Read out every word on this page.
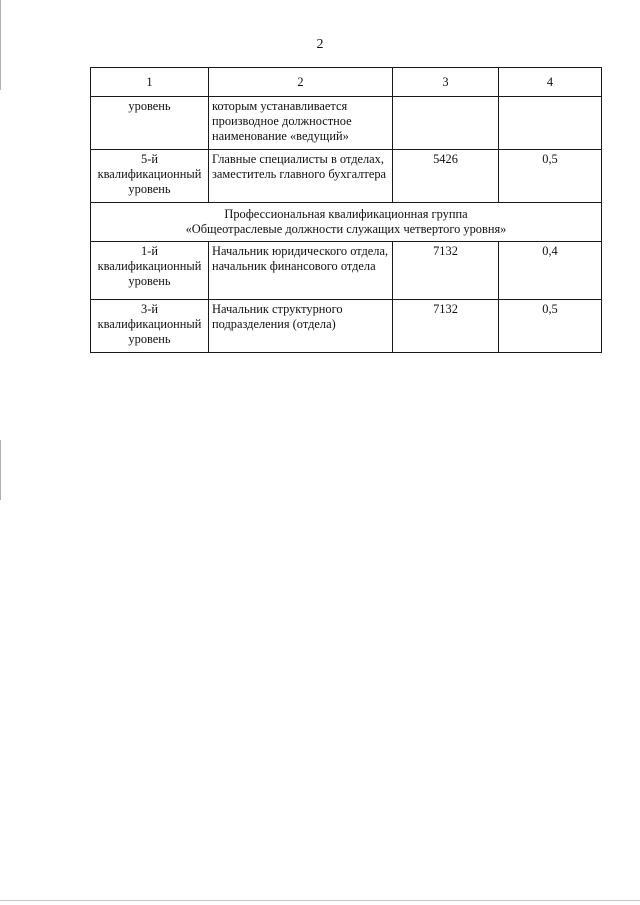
2
1	2	3	4
уровень	которым устанавливается производное должностное наименование «ведущий»		
5-й квалификационный уровень	Главные специалисты в отделах, заместитель главного бухгалтера	5426	0,5

Профессиональная квалификационная группа
«Общеотраслевые должности служащих четвертого уровня»			

1-й квалификационный уровень	Начальник юридического отдела, начальник финансового отдела	7132	0,4
3-й квалификационный уровень	Начальник структурного подразделения (отдела)	7132	0,5
